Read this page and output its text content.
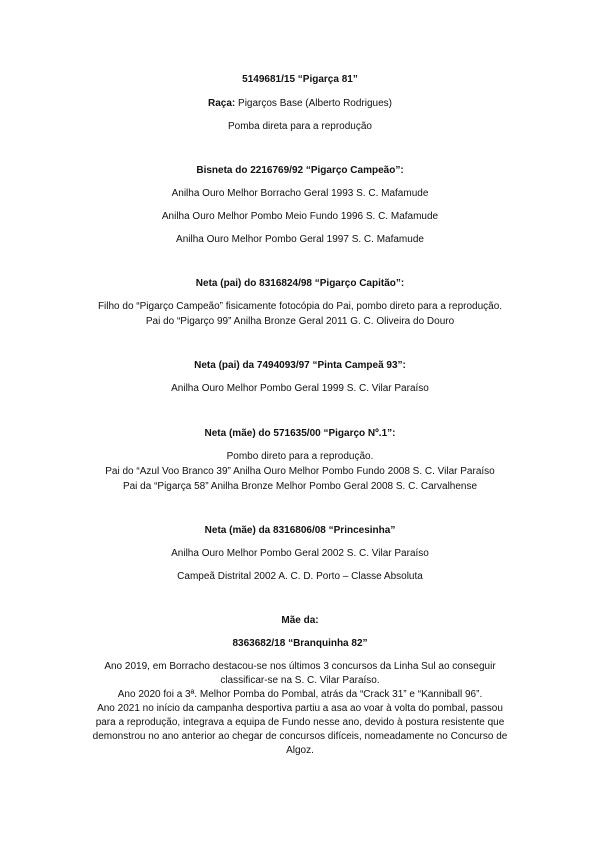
5149681/15 “Pigarça 81”
Raça: Pigarços Base (Alberto Rodrigues)
Pomba direta para a reprodução
Bisneta do 2216769/92 “Pigarço Campeão”:
Anilha Ouro Melhor Borracho Geral 1993 S. C. Mafamude
Anilha Ouro Melhor Pombo Meio Fundo 1996 S. C. Mafamude
Anilha Ouro Melhor Pombo Geral 1997 S. C. Mafamude
Neta (pai) do 8316824/98 “Pigarço Capitão”:
Filho do “Pigarço Campeão” fisicamente fotocópia do Pai, pombo direto para a reprodução.
Pai do “Pigarço 99” Anilha Bronze Geral 2011 G. C. Oliveira do Douro
Neta (pai) da 7494093/97 “Pinta Campeã 93”:
Anilha Ouro Melhor Pombo Geral 1999 S. C. Vilar Paraíso
Neta (mãe) do 571635/00 “Pigarço Nº.1”:
Pombo direto para a reprodução.
Pai do “Azul Voo Branco 39” Anilha Ouro Melhor Pombo Fundo 2008 S. C. Vilar Paraíso
Pai da “Pigarça 58” Anilha Bronze Melhor Pombo Geral 2008 S. C. Carvalhense
Neta (mãe) da 8316806/08 “Princesinha”
Anilha Ouro Melhor Pombo Geral 2002 S. C. Vilar Paraíso
Campeã Distrital 2002 A. C. D. Porto – Classe Absoluta
Mãe da:
8363682/18 “Branquinha 82”
Ano 2019, em Borracho destacou-se nos últimos 3 concursos da Linha Sul ao conseguir
classificar-se na S. C. Vilar Paraíso.
Ano 2020 foi a 3ª. Melhor Pomba do Pombal, atrás da “Crack 31” e “Kanniball 96”.
Ano 2021 no início da campanha desportiva partiu a asa ao voar à volta do pombal, passou
para a reprodução, integrava a equipa de Fundo nesse ano, devido à postura resistente que
demonstrou no ano anterior ao chegar de concursos difíceis, nomeadamente no Concurso de
Algoz.
